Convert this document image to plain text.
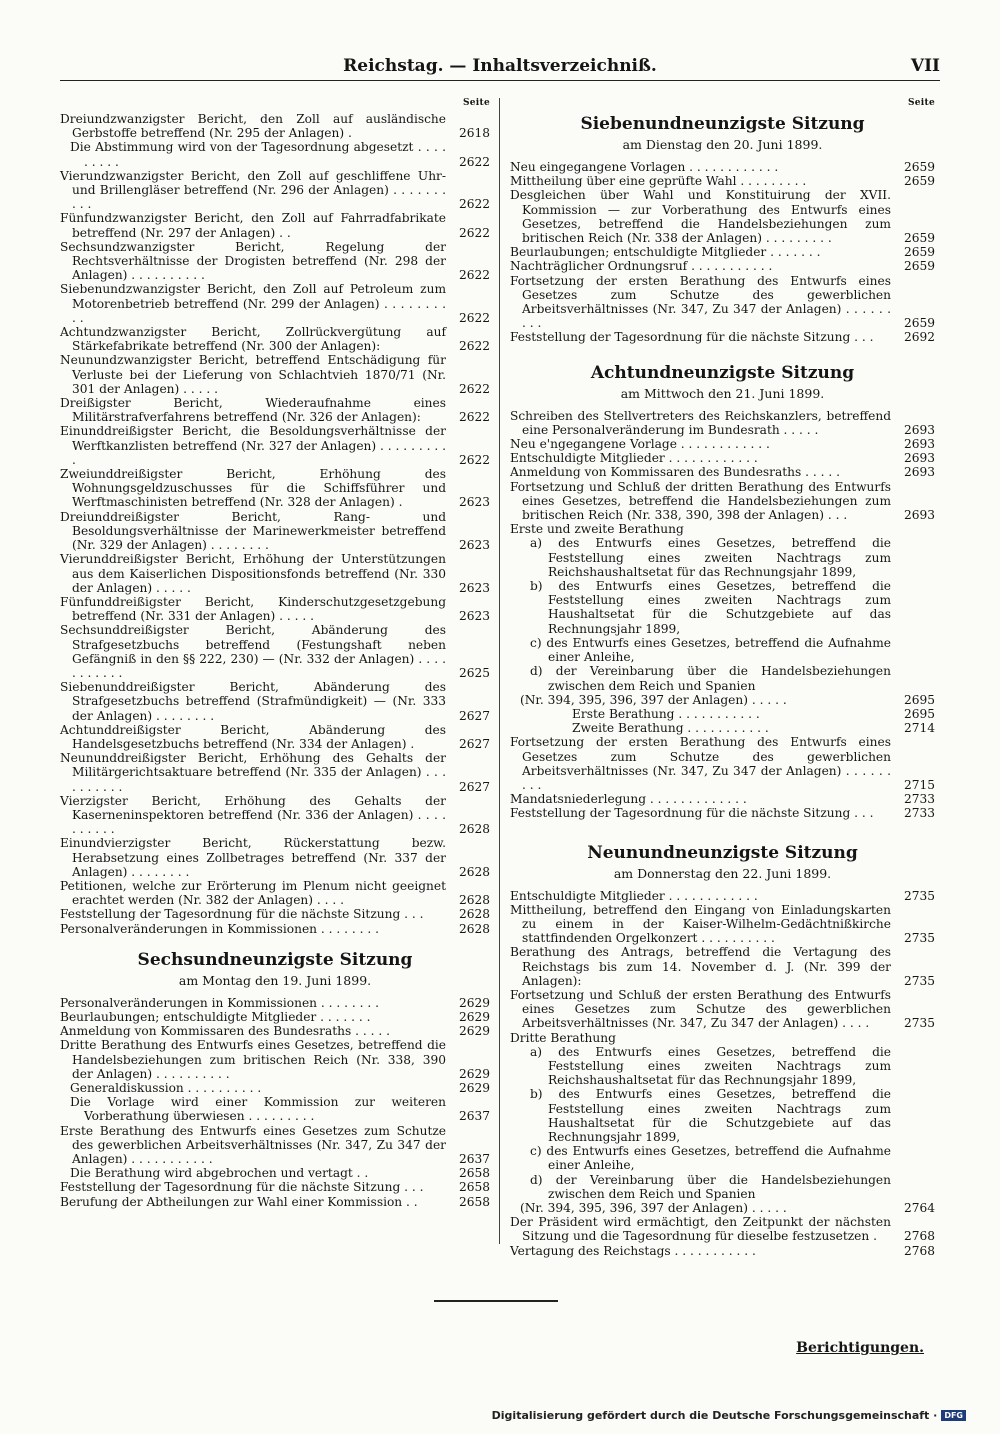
Reichstag. — Inhaltsverzeichniß.	VII
Seite
Dreiundzwanzigster Bericht, den Zoll auf ausländische Gerbstoffe betreffend (Nr. 295 der Anlagen) .	2618
Die Abstimmung wird von der Tagesordnung abgesetzt . . . . . . . . .	2622
Vierundzwanzigster Bericht, den Zoll auf geschliffene Uhr- und Brillengläser betreffend (Nr. 296 der Anlagen) . . . . . . . . . .	2622
Fünfundzwanzigster Bericht, den Zoll auf Fahrradfabrikate betreffend (Nr. 297 der Anlagen) . .	2622
Sechsundzwanzigster Bericht, Regelung der Rechtsverhältnisse der Drogisten betreffend (Nr. 298 der Anlagen) . . . . . . . . . .	2622
Siebenundzwanzigster Bericht, den Zoll auf Petroleum zum Motorenbetrieb betreffend (Nr. 299 der Anlagen) . . . . . . . . . .	2622
Achtundzwanzigster Bericht, Zollrückvergütung auf Stärkefabrikate betreffend (Nr. 300 der Anlagen):	2622
Neunundzwanzigster Bericht, betreffend Entschädigung für Verluste bei der Lieferung von Schlachtvieh 1870/71 (Nr. 301 der Anlagen) . . . . .	2622
Dreißigster Bericht, Wiederaufnahme eines Militärstrafverfahrens betreffend (Nr. 326 der Anlagen):	2622
Einunddreißigster Bericht, die Besoldungsverhältnisse der Werftkanzlisten betreffend (Nr. 327 der Anlagen) . . . . . . . . . .	2622
Zweiunddreißigster Bericht, Erhöhung des Wohnungsgeldzuschusses für die Schiffsführer und Werftmaschinisten betreffend (Nr. 328 der Anlagen) .	2623
Dreiunddreißigster Bericht, Rang- und Besoldungsverhältnisse der Marinewerkmeister betreffend (Nr. 329 der Anlagen) . . . . . . . .	2623
Vierunddreißigster Bericht, Erhöhung der Unterstützungen aus dem Kaiserlichen Dispositionsfonds betreffend (Nr. 330 der Anlagen) . . . . .	2623
Fünfunddreißigster Bericht, Kinderschutzgesetzgebung betreffend (Nr. 331 der Anlagen) . . . . .	2623
Sechsunddreißigster Bericht, Abänderung des Strafgesetzbuchs betreffend (Festungshaft neben Gefängniß in den §§ 222, 230) — (Nr. 332 der Anlagen) . . . . . . . . . . .	2625
Siebenunddreißigster Bericht, Abänderung des Strafgesetzbuchs betreffend (Strafmündigkeit) — (Nr. 333 der Anlagen) . . . . . . . .	2627
Achtunddreißigster Bericht, Abänderung des Handelsgesetzbuchs betreffend (Nr. 334 der Anlagen) .	2627
Neununddreißigster Bericht, Erhöhung des Gehalts der Militärgerichtsaktuare betreffend (Nr. 335 der Anlagen) . . . . . . . . . .	2627
Vierzigster Bericht, Erhöhung des Gehalts der Kaserneninspektoren betreffend (Nr. 336 der Anlagen) . . . . . . . . . .	2628
Einundvierzigster Bericht, Rückerstattung bezw. Herabsetzung eines Zollbetrages betreffend (Nr. 337 der Anlagen) . . . . . . . .	2628
Petitionen, welche zur Erörterung im Plenum nicht geeignet erachtet werden (Nr. 382 der Anlagen) . . . .	2628
Feststellung der Tagesordnung für die nächste Sitzung . . .	2628
Personalveränderungen in Kommissionen . . . . . . . .	2628
Sechsundneunzigste Sitzung
am Montag den 19. Juni 1899.
Personalveränderungen in Kommissionen . . . . . . . .	2629
Beurlaubungen; entschuldigte Mitglieder . . . . . . .	2629
Anmeldung von Kommissaren des Bundesraths . . . . .	2629
Dritte Berathung des Entwurfs eines Gesetzes, betreffend die Handelsbeziehungen zum britischen Reich (Nr. 338, 390 der Anlagen) . . . . . . . . . .	2629
Generaldiskussion . . . . . . . . . .	2629
Die Vorlage wird einer Kommission zur weiteren Vorberathung überwiesen . . . . . . . . .	2637
Erste Berathung des Entwurfs eines Gesetzes zum Schutze des gewerblichen Arbeitsverhältnisses (Nr. 347, Zu 347 der Anlagen) . . . . . . . . . . .	2637
Die Berathung wird abgebrochen und vertagt . .	2658
Feststellung der Tagesordnung für die nächste Sitzung . . .	2658
Berufung der Abtheilungen zur Wahl einer Kommission . .	2658
Seite
Siebenundneunzigste Sitzung
am Dienstag den 20. Juni 1899.
Neu eingegangene Vorlagen . . . . . . . . . . . .	2659
Mittheilung über eine geprüfte Wahl . . . . . . . . .	2659
Desgleichen über Wahl und Konstituirung der XVII. Kommission — zur Vorberathung des Entwurfs eines Gesetzes, betreffend die Handelsbeziehungen zum britischen Reich (Nr. 338 der Anlagen) . . . . . . . . .	2659
Beurlaubungen; entschuldigte Mitglieder . . . . . . .	2659
Nachträglicher Ordnungsruf . . . . . . . . . . .	2659
Fortsetzung der ersten Berathung des Entwurfs eines Gesetzes zum Schutze des gewerblichen Arbeitsverhältnisses (Nr. 347, Zu 347 der Anlagen) . . . . . . . . .	2659
Feststellung der Tagesordnung für die nächste Sitzung . . .	2692
Achtundneunzigste Sitzung
am Mittwoch den 21. Juni 1899.
Schreiben des Stellvertreters des Reichskanzlers, betreffend eine Personalveränderung im Bundesrath . . . . .	2693
Neu e'ngegangene Vorlage . . . . . . . . . . . .	2693
Entschuldigte Mitglieder . . . . . . . . . . . .	2693
Anmeldung von Kommissaren des Bundesraths . . . . .	2693
Fortsetzung und Schluß der dritten Berathung des Entwurfs eines Gesetzes, betreffend die Handelsbeziehungen zum britischen Reich (Nr. 338, 390, 398 der Anlagen) . . .	2693
Erste und zweite Berathung
a) des Entwurfs eines Gesetzes, betreffend die Feststellung eines zweiten Nachtrags zum Reichshaushaltsetat für das Rechnungsjahr 1899,
b) des Entwurfs eines Gesetzes, betreffend die Feststellung eines zweiten Nachtrags zum Haushaltsetat für die Schutzgebiete auf das Rechnungsjahr 1899,
c) des Entwurfs eines Gesetzes, betreffend die Aufnahme einer Anleihe,
d) der Vereinbarung über die Handelsbeziehungen zwischen dem Reich und Spanien
(Nr. 394, 395, 396, 397 der Anlagen) . . . . .	2695
Erste Berathung . . . . . . . . . . .	2695
Zweite Berathung . . . . . . . . . . .	2714
Fortsetzung der ersten Berathung des Entwurfs eines Gesetzes zum Schutze des gewerblichen Arbeitsverhältnisses (Nr. 347, Zu 347 der Anlagen) . . . . . . . . .	2715
Mandatsniederlegung . . . . . . . . . . . . .	2733
Feststellung der Tagesordnung für die nächste Sitzung . . .	2733
Neunundneunzigste Sitzung
am Donnerstag den 22. Juni 1899.
Entschuldigte Mitglieder . . . . . . . . . . . .	2735
Mittheilung, betreffend den Eingang von Einladungskarten zu einem in der Kaiser-Wilhelm-Gedächtnißkirche stattfindenden Orgelkonzert . . . . . . . . . .	2735
Berathung des Antrags, betreffend die Vertagung des Reichstags bis zum 14. November d. J. (Nr. 399 der Anlagen):	2735
Fortsetzung und Schluß der ersten Berathung des Entwurfs eines Gesetzes zum Schutze des gewerblichen Arbeitsverhältnisses (Nr. 347, Zu 347 der Anlagen) . . . .	2735
Dritte Berathung
a) des Entwurfs eines Gesetzes, betreffend die Feststellung eines zweiten Nachtrags zum Reichshaushaltsetat für das Rechnungsjahr 1899,
b) des Entwurfs eines Gesetzes, betreffend die Feststellung eines zweiten Nachtrags zum Haushaltsetat für die Schutzgebiete auf das Rechnungsjahr 1899,
c) des Entwurfs eines Gesetzes, betreffend die Aufnahme einer Anleihe,
d) der Vereinbarung über die Handelsbeziehungen zwischen dem Reich und Spanien
(Nr. 394, 395, 396, 397 der Anlagen) . . . . .	2764
Der Präsident wird ermächtigt, den Zeitpunkt der nächsten Sitzung und die Tagesordnung für dieselbe festzusetzen .	2768
Vertagung des Reichstags . . . . . . . . . . .	2768
Berichtigungen.
Digitalisierung gefördert durch die Deutsche Forschungsgemeinschaft · DFG
